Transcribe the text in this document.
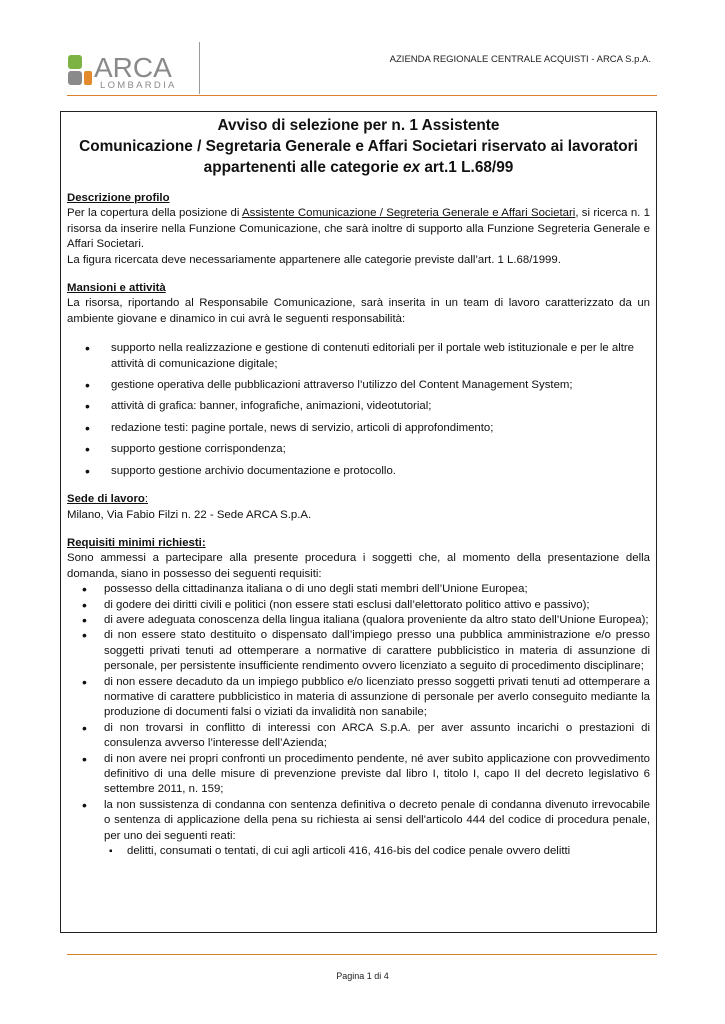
ARCA
LOMBARDIA
AZIENDA REGIONALE CENTRALE ACQUISTI - ARCA S.p.A.
Avviso di selezione per n. 1 Assistente
Comunicazione / Segretaria Generale e Affari Societari riservato ai lavoratori
appartenenti alle categorie ex art.1 L.68/99

Descrizione profilo

Per la copertura della posizione di Assistente Comunicazione / Segreteria Generale e Affari Societari, si ricerca n. 1 risorsa da inserire nella Funzione Comunicazione, che sarà inoltre di supporto alla Funzione Segreteria Generale e Affari Societari.

La figura ricercata deve necessariamente appartenere alle categorie previste dall’art. 1 L.68/1999.

Mansioni e attività

La risorsa, riportando al Responsabile Comunicazione, sarà inserita in un team di lavoro caratterizzato da un ambiente giovane e dinamico in cui avrà le seguenti responsabilità:

• supporto nella realizzazione e gestione di contenuti editoriali per il portale web istituzionale e per le altre attività di comunicazione digitale;
• gestione operativa delle pubblicazioni attraverso l’utilizzo del Content Management System;
• attività di grafica: banner, infografiche, animazioni, videotutorial;
• redazione testi: pagine portale, news di servizio, articoli di approfondimento;
• supporto gestione corrispondenza;
• supporto gestione archivio documentazione e protocollo.

Sede di lavoro:

Milano, Via Fabio Filzi n. 22 - Sede ARCA S.p.A.

Requisiti minimi richiesti:

Sono ammessi a partecipare alla presente procedura i soggetti che, al momento della presentazione della domanda, siano in possesso dei seguenti requisiti:

• possesso della cittadinanza italiana o di uno degli stati membri dell’Unione Europea;
• di godere dei diritti civili e politici (non essere stati esclusi dall’elettorato politico attivo e passivo);
• di avere adeguata conoscenza della lingua italiana (qualora proveniente da altro stato dell’Unione Europea);
• di non essere stato destituito o dispensato dall’impiego presso una pubblica amministrazione e/o presso soggetti privati tenuti ad ottemperare a normative di carattere pubblicistico in materia di assunzione di personale, per persistente insufficiente rendimento ovvero licenziato a seguito di procedimento disciplinare;
• di non essere decaduto da un impiego pubblico e/o licenziato presso soggetti privati tenuti ad ottemperare a normative di carattere pubblicistico in materia di assunzione di personale per averlo conseguito mediante la produzione di documenti falsi o viziati da invalidità non sanabile;
• di non trovarsi in conflitto di interessi con ARCA S.p.A. per aver assunto incarichi o prestazioni di consulenza avverso l’interesse dell’Azienda;
• di non avere nei propri confronti un procedimento pendente, né aver subìto applicazione con provvedimento definitivo di una delle misure di prevenzione previste dal libro I, titolo I, capo II del decreto legislativo 6 settembre 2011, n. 159;
• la non sussistenza di condanna con sentenza definitiva o decreto penale di condanna divenuto irrevocabile o sentenza di applicazione della pena su richiesta ai sensi dell'articolo 444 del codice di procedura penale, per uno dei seguenti reati:
▪ delitti, consumati o tentati, di cui agli articoli 416, 416-bis del codice penale ovvero delitti
Pagina 1 di 4
